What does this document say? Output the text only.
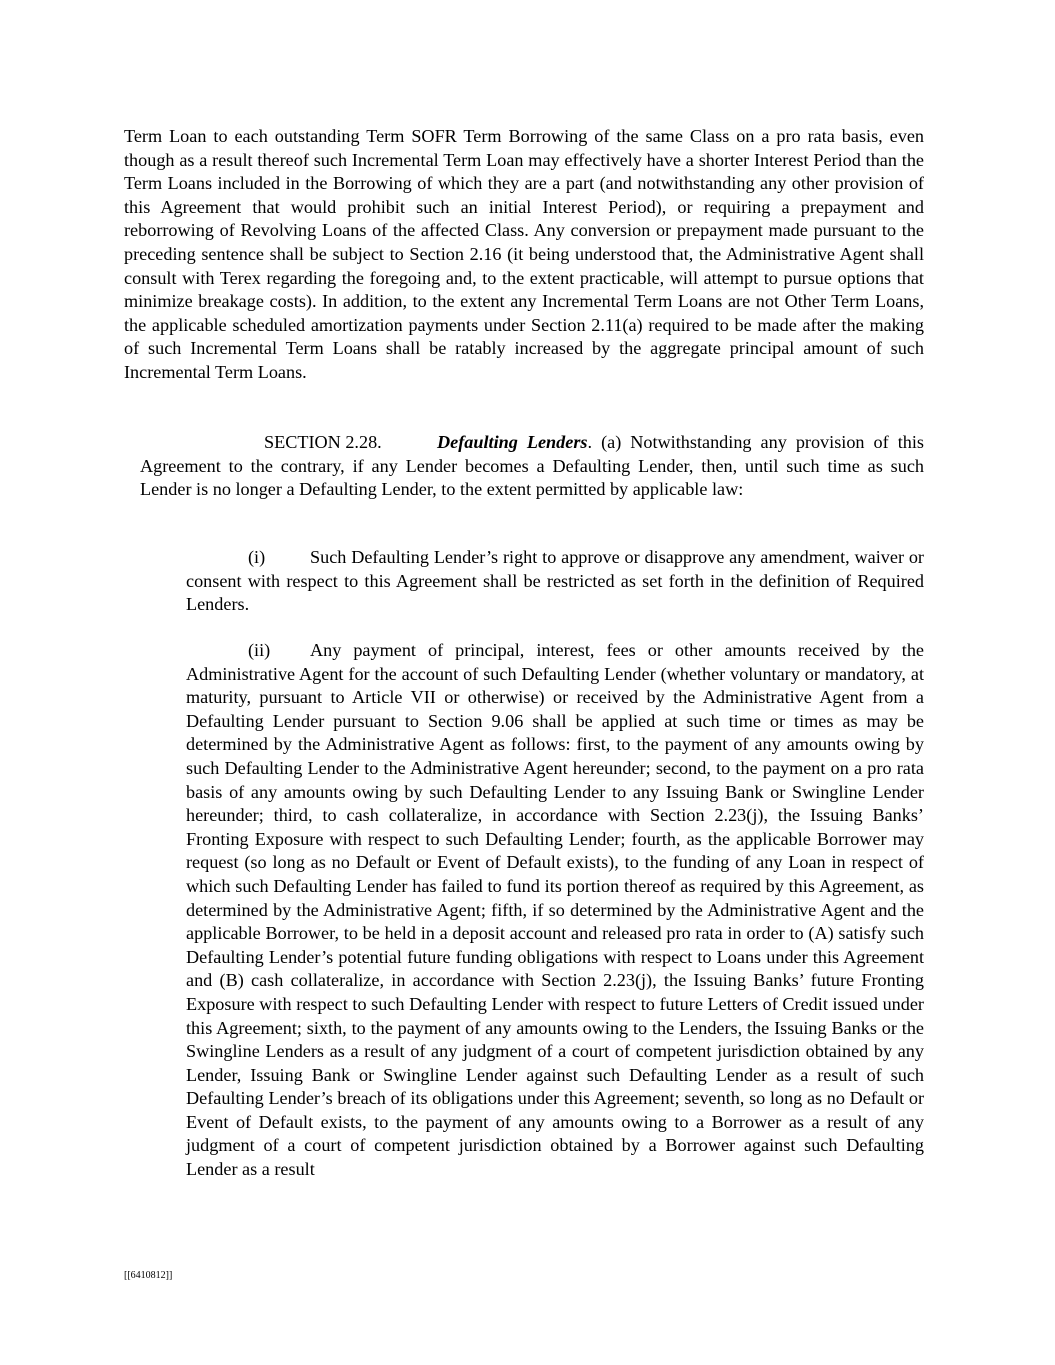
Term Loan to each outstanding Term SOFR Term Borrowing of the same Class on a pro rata basis, even though as a result thereof such Incremental Term Loan may effectively have a shorter Interest Period than the Term Loans included in the Borrowing of which they are a part (and notwithstanding any other provision of this Agreement that would prohibit such an initial Interest Period), or requiring a prepayment and reborrowing of Revolving Loans of the affected Class. Any conversion or prepayment made pursuant to the preceding sentence shall be subject to Section 2.16 (it being understood that, the Administrative Agent shall consult with Terex regarding the foregoing and, to the extent practicable, will attempt to pursue options that minimize breakage costs). In addition, to the extent any Incremental Term Loans are not Other Term Loans, the applicable scheduled amortization payments under Section 2.11(a) required to be made after the making of such Incremental Term Loans shall be ratably increased by the aggregate principal amount of such Incremental Term Loans.

SECTION 2.28.	Defaulting Lenders. (a) Notwithstanding any provision of this Agreement to the contrary, if any Lender becomes a Defaulting Lender, then, until such time as such Lender is no longer a Defaulting Lender, to the extent permitted by applicable law:

(i) Such Defaulting Lender’s right to approve or disapprove any amendment, waiver or consent with respect to this Agreement shall be restricted as set forth in the definition of Required Lenders.

(ii) Any payment of principal, interest, fees or other amounts received by the Administrative Agent for the account of such Defaulting Lender (whether voluntary or mandatory, at maturity, pursuant to Article VII or otherwise) or received by the Administrative Agent from a Defaulting Lender pursuant to Section 9.06 shall be applied at such time or times as may be determined by the Administrative Agent as follows: first, to the payment of any amounts owing by such Defaulting Lender to the Administrative Agent hereunder; second, to the payment on a pro rata basis of any amounts owing by such Defaulting Lender to any Issuing Bank or Swingline Lender hereunder; third, to cash collateralize, in accordance with Section 2.23(j), the Issuing Banks’ Fronting Exposure with respect to such Defaulting Lender; fourth, as the applicable Borrower may request (so long as no Default or Event of Default exists), to the funding of any Loan in respect of which such Defaulting Lender has failed to fund its portion thereof as required by this Agreement, as determined by the Administrative Agent; fifth, if so determined by the Administrative Agent and the applicable Borrower, to be held in a deposit account and released pro rata in order to (A) satisfy such Defaulting Lender’s potential future funding obligations with respect to Loans under this Agreement and (B) cash collateralize, in accordance with Section 2.23(j), the Issuing Banks’ future Fronting Exposure with respect to such Defaulting Lender with respect to future Letters of Credit issued under this Agreement; sixth, to the payment of any amounts owing to the Lenders, the Issuing Banks or the Swingline Lenders as a result of any judgment of a court of competent jurisdiction obtained by any Lender, Issuing Bank or Swingline Lender against such Defaulting Lender as a result of such Defaulting Lender’s breach of its obligations under this Agreement; seventh, so long as no Default or Event of Default exists, to the payment of any amounts owing to a Borrower as a result of any judgment of a court of competent jurisdiction obtained by a Borrower against such Defaulting Lender as a result

[[6410812]]
